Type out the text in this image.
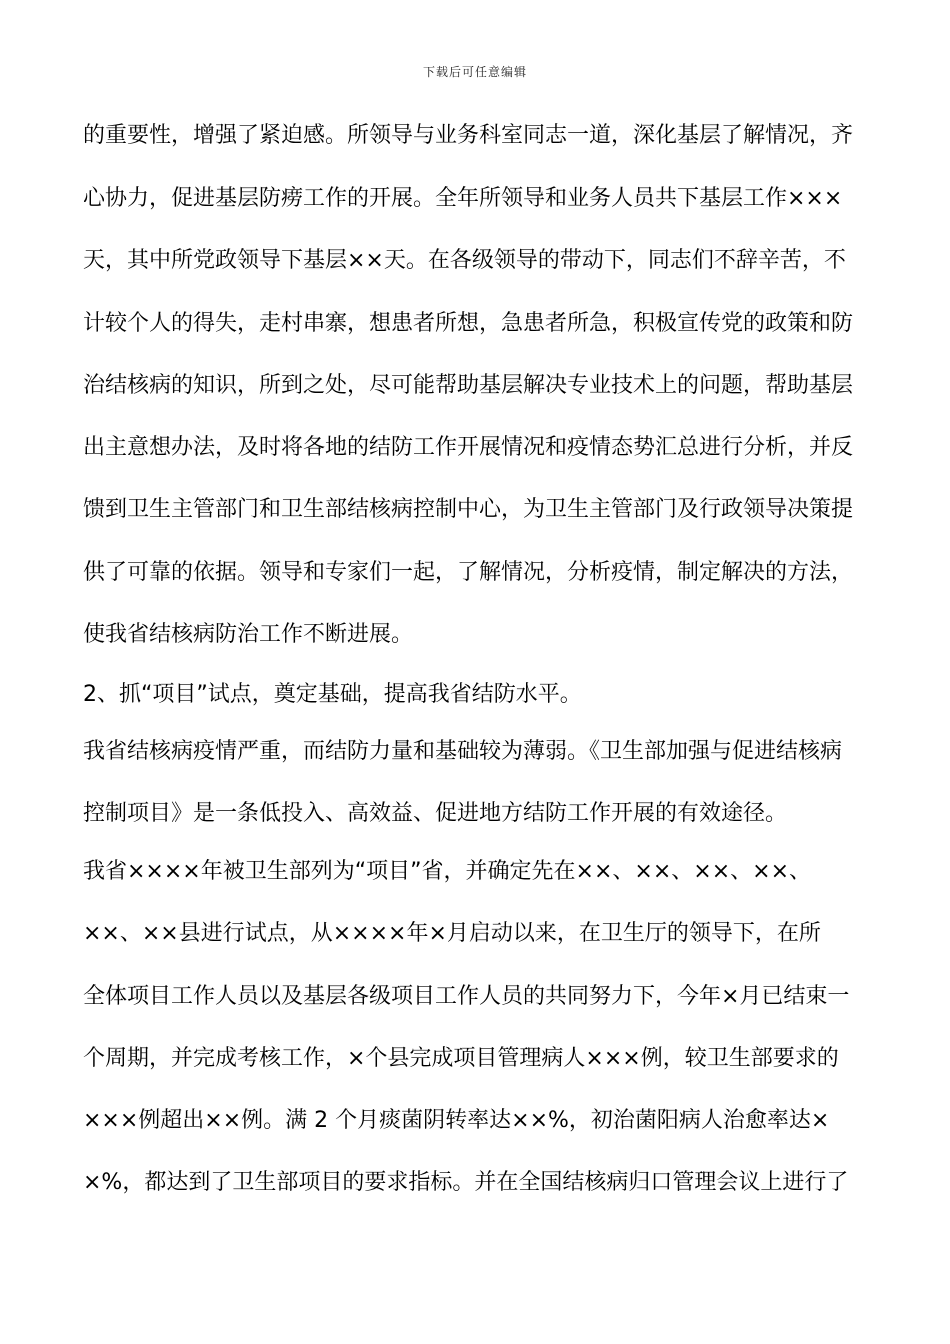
下载后可任意编辑
的重要性，增强了紧迫感。所领导与业务科室同志一道，深化基层了解情况，齐
心协力，促进基层防痨工作的开展。全年所领导和业务人员共下基层工作×××
天，其中所党政领导下基层××天。在各级领导的带动下，同志们不辞辛苦，不
计较个人的得失，走村串寨，想患者所想，急患者所急，积极宣传党的政策和防
治结核病的知识，所到之处，尽可能帮助基层解决专业技术上的问题，帮助基层
出主意想办法，及时将各地的结防工作开展情况和疫情态势汇总进行分析，并反
馈到卫生主管部门和卫生部结核病控制中心，为卫生主管部门及行政领导决策提
供了可靠的依据。领导和专家们一起，了解情况，分析疫情，制定解决的方法，
使我省结核病防治工作不断进展。
2、抓“项目”试点，奠定基础，提高我省结防水平。
我省结核病疫情严重，而结防力量和基础较为薄弱。《卫生部加强与促进结核病
控制项目》是一条低投入、高效益、促进地方结防工作开展的有效途径。
我省××××年被卫生部列为“项目”省，并确定先在××、××、××、××、
××、××县进行试点，从××××年×月启动以来，在卫生厅的领导下，在所
全体项目工作人员以及基层各级项目工作人员的共同努力下，今年×月已结束一
个周期，并完成考核工作，×个县完成项目管理病人×××例，较卫生部要求的
×××例超出××例。满 2 个月痰菌阴转率达××%，初治菌阳病人治愈率达×
×%，都达到了卫生部项目的要求指标。并在全国结核病归口管理会议上进行了
